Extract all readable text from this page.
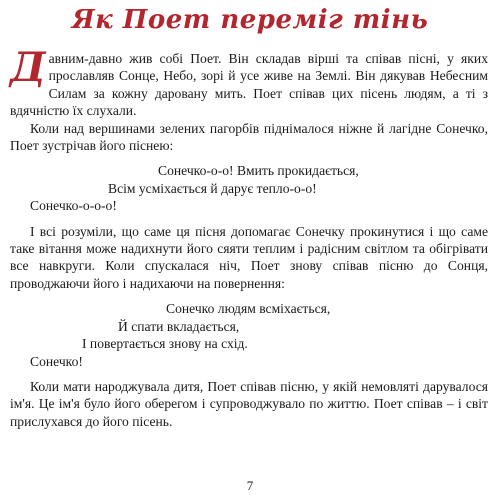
Як Поет переміг тінь

Давним-давно жив собі Поет. Він складав вірші та співав пісні, у яких прославляв Сонце, Небо, зорі й усе живе на Землі. Він дякував Небесним Силам за кожну даровану мить. Поет співав цих пісень людям, а ті з вдячністю їх слухали.

Коли над вершинами зелених пагорбів піднімалося ніжне й лагідне Сонечко, Поет зустрічав його піснею:

Сонечко-о-о! Вмить прокидається,

Всім усміхається й дарує тепло-о-о!

Сонечко-о-о-о!

І всі розуміли, що саме ця пісня допомагає Сонечку прокинутися і що саме таке вітання може надихнути його сяяти теплим і радісним світлом та обігрівати все навкруги. Коли спускалася ніч, Поет знову співав пісню до Сонця, проводжаючи його і надихаючи на повернення:

Сонечко людям всміхається,

Й спати вкладається,

І повертається знову на схід.

Сонечко!

Коли мати народжувала дитя, Поет співав пісню, у якій немовляті дарувалося ім'я. Це ім'я було його оберегом і супроводжувало по життю. Поет співав – і світ прислухався до його пісень.

7
